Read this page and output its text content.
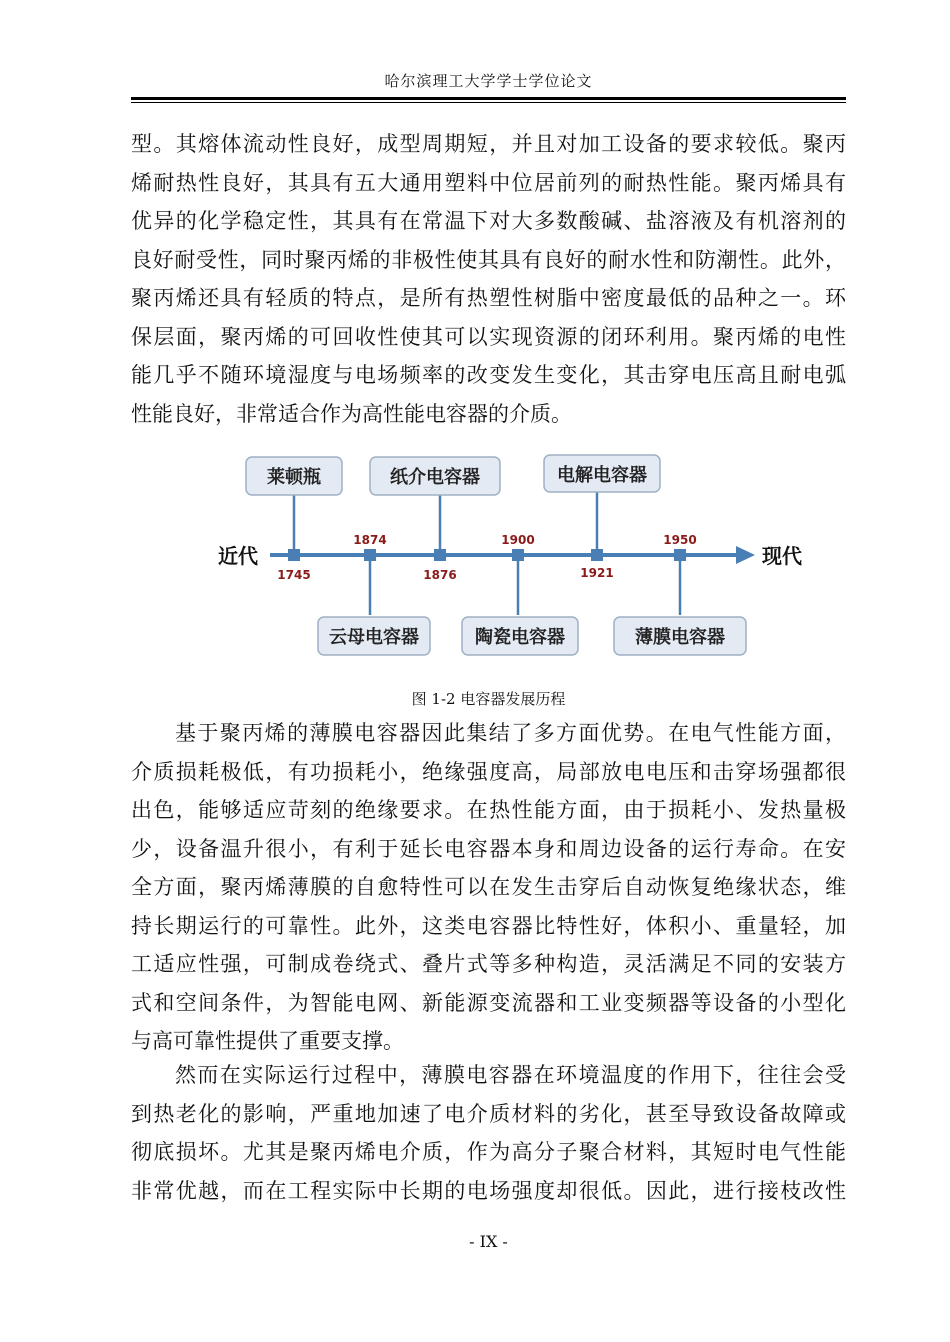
哈尔滨理工大学学士学位论文
型。其熔体流动性良好，成型周期短，并且对加工设备的要求较低。聚丙
烯耐热性良好，其具有五大通用塑料中位居前列的耐热性能。聚丙烯具有
优异的化学稳定性，其具有在常温下对大多数酸碱、盐溶液及有机溶剂的
良好耐受性，同时聚丙烯的非极性使其具有良好的耐水性和防潮性。此外，
聚丙烯还具有轻质的特点，是所有热塑性树脂中密度最低的品种之一。环
保层面，聚丙烯的可回收性使其可以实现资源的闭环利用。聚丙烯的电性
能几乎不随环境湿度与电场频率的改变发生变化，其击穿电压高且耐电弧
性能良好，非常适合作为高性能电容器的介质。
莱顿瓶	纸介电容器	电解电容器
云母电容器	陶瓷电容器	薄膜电容器
近代	现代
1874	1900	1950
1745	1876	1921
图 1-2 电容器发展历程
基于聚丙烯的薄膜电容器因此集结了多方面优势。在电气性能方面，
介质损耗极低，有功损耗小，绝缘强度高，局部放电电压和击穿场强都很
出色，能够适应苛刻的绝缘要求。在热性能方面，由于损耗小、发热量极
少，设备温升很小，有利于延长电容器本身和周边设备的运行寿命。在安
全方面，聚丙烯薄膜的自愈特性可以在发生击穿后自动恢复绝缘状态，维
持长期运行的可靠性。此外，这类电容器比特性好，体积小、重量轻，加
工适应性强，可制成卷绕式、叠片式等多种构造，灵活满足不同的安装方
式和空间条件，为智能电网、新能源变流器和工业变频器等设备的小型化
与高可靠性提供了重要支撑。
然而在实际运行过程中，薄膜电容器在环境温度的作用下，往往会受
到热老化的影响，严重地加速了电介质材料的劣化，甚至导致设备故障或
彻底损坏。尤其是聚丙烯电介质，作为高分子聚合材料，其短时电气性能
非常优越，而在工程实际中长期的电场强度却很低。因此，进行接枝改性
- IX -
